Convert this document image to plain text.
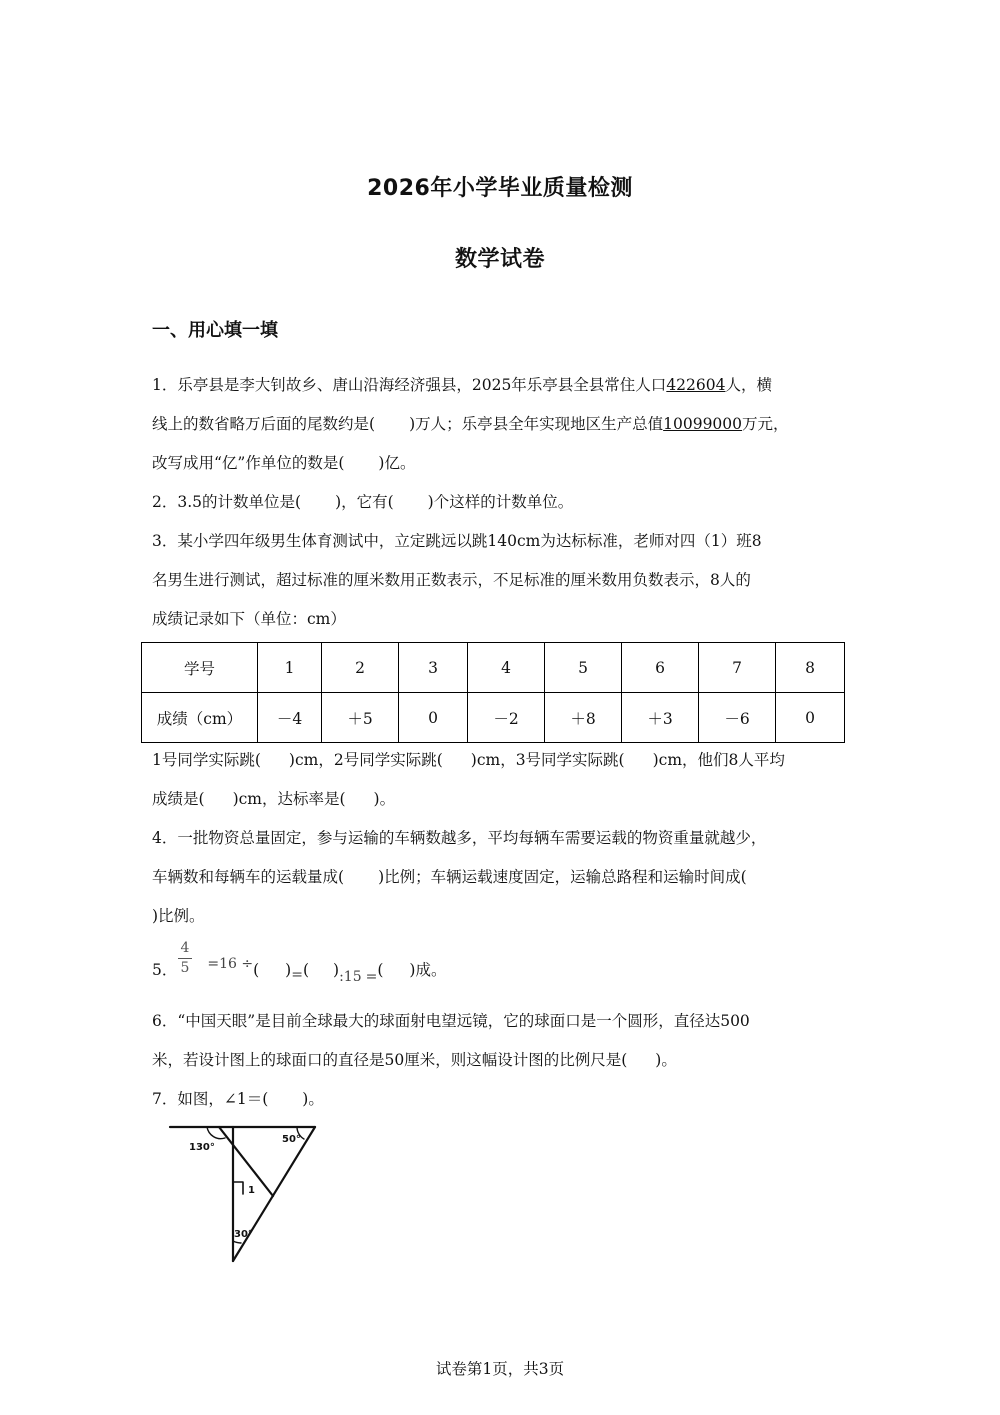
2026年小学毕业质量检测
数学试卷
一、用心填一填
1．乐亭县是李大钊故乡、唐山沿海经济强县，2025年乐亭县全县常住人口422604人，横
线上的数省略万后面的尾数约是( )万人；乐亭县全年实现地区生产总值10099000万元，
改写成用“亿”作单位的数是( )亿。
2．3.5的计数单位是( )，它有( )个这样的计数单位。
3．某小学四年级男生体育测试中，立定跳远以跳140cm为达标标准，老师对四（1）班8
名男生进行测试，超过标准的厘米数用正数表示，不足标准的厘米数用负数表示，8人的
成绩记录如下（单位：cm）
学号	1	2	3	4	5	6	7	8
成绩（cm）	－4	＋5	0	－2	＋8	＋3	－6	0
1号同学实际跳( )cm，2号同学实际跳( )cm，3号同学实际跳( )cm，他们8人平均
成绩是( )cm，达标率是( )。
4．一批物资总量固定，参与运输的车辆数越多，平均每辆车需要运载的物资重量就越少，
车辆数和每辆车的运载量成( )比例；车辆运载速度固定，运输总路程和运输时间成(
)比例。
4
5
5． =16 ÷( )=( ):15 =( )成。
6．“中国天眼”是目前全球最大的球面射电望远镜，它的球面口是一个圆形，直径达500
米，若设计图上的球面口的直径是50厘米，则这幅设计图的比例尺是( )。
7．如图，∠1＝( )。
130°
50°
1
30°
试卷第1页，共3页
